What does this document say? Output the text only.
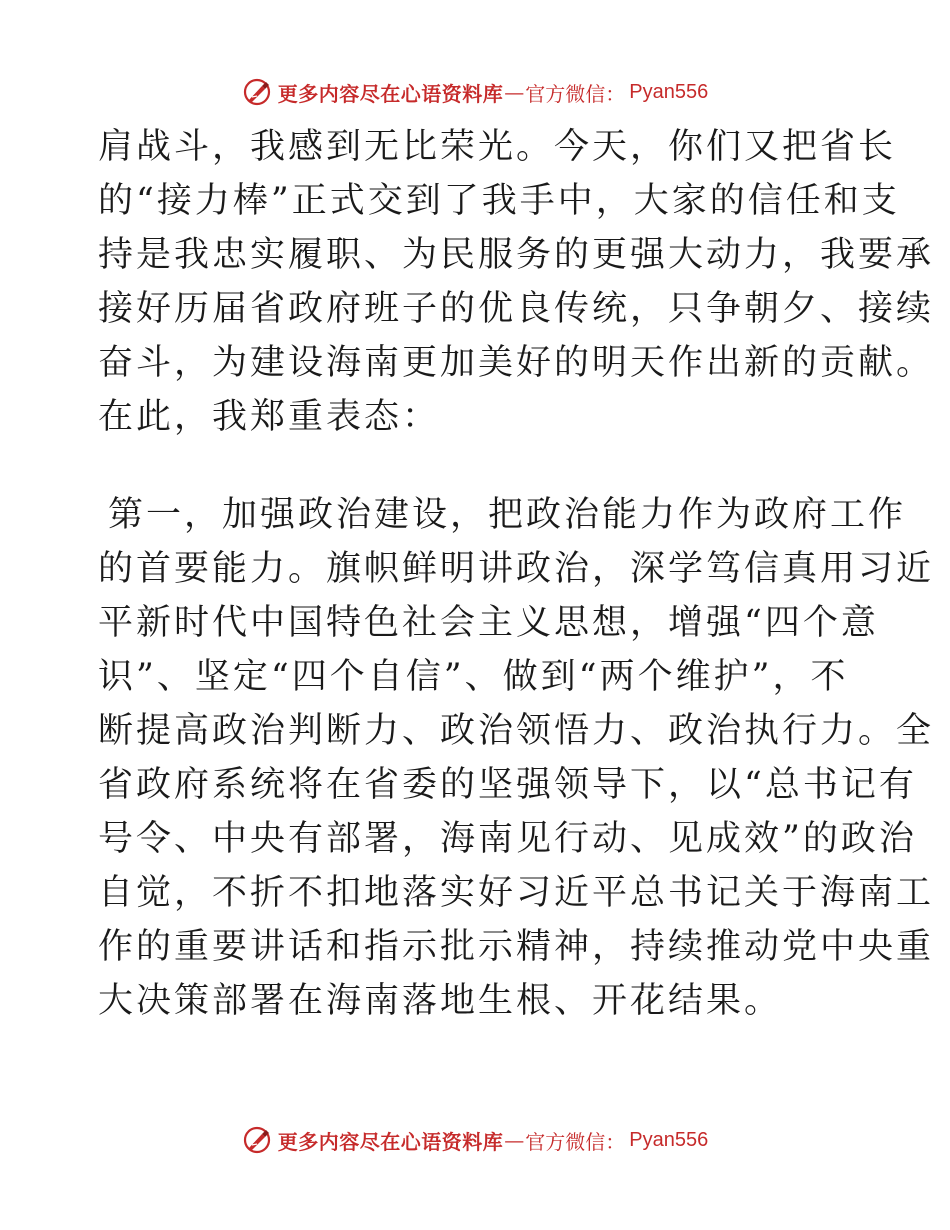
更多内容尽在心语资料库 — 官方微信： Pyan556
肩战斗，我感到无比荣光。今天，你们又把省长
的“接力棒”正式交到了我手中，大家的信任和支
持是我忠实履职、为民服务的更强大动力，我要承
接好历届省政府班子的优良传统，只争朝夕、接续
奋斗，为建设海南更加美好的明天作出新的贡献。
在此，我郑重表态：
第一，加强政治建设，把政治能力作为政府工作
的首要能力。旗帜鲜明讲政治，深学笃信真用习近
平新时代中国特色社会主义思想，增强“四个意
识”、坚定“四个自信”、做到“两个维护”，不
断提高政治判断力、政治领悟力、政治执行力。全
省政府系统将在省委的坚强领导下，以“总书记有
号令、中央有部署，海南见行动、见成效”的政治
自觉，不折不扣地落实好习近平总书记关于海南工
作的重要讲话和指示批示精神，持续推动党中央重
大决策部署在海南落地生根、开花结果。
更多内容尽在心语资料库 — 官方微信： Pyan556
